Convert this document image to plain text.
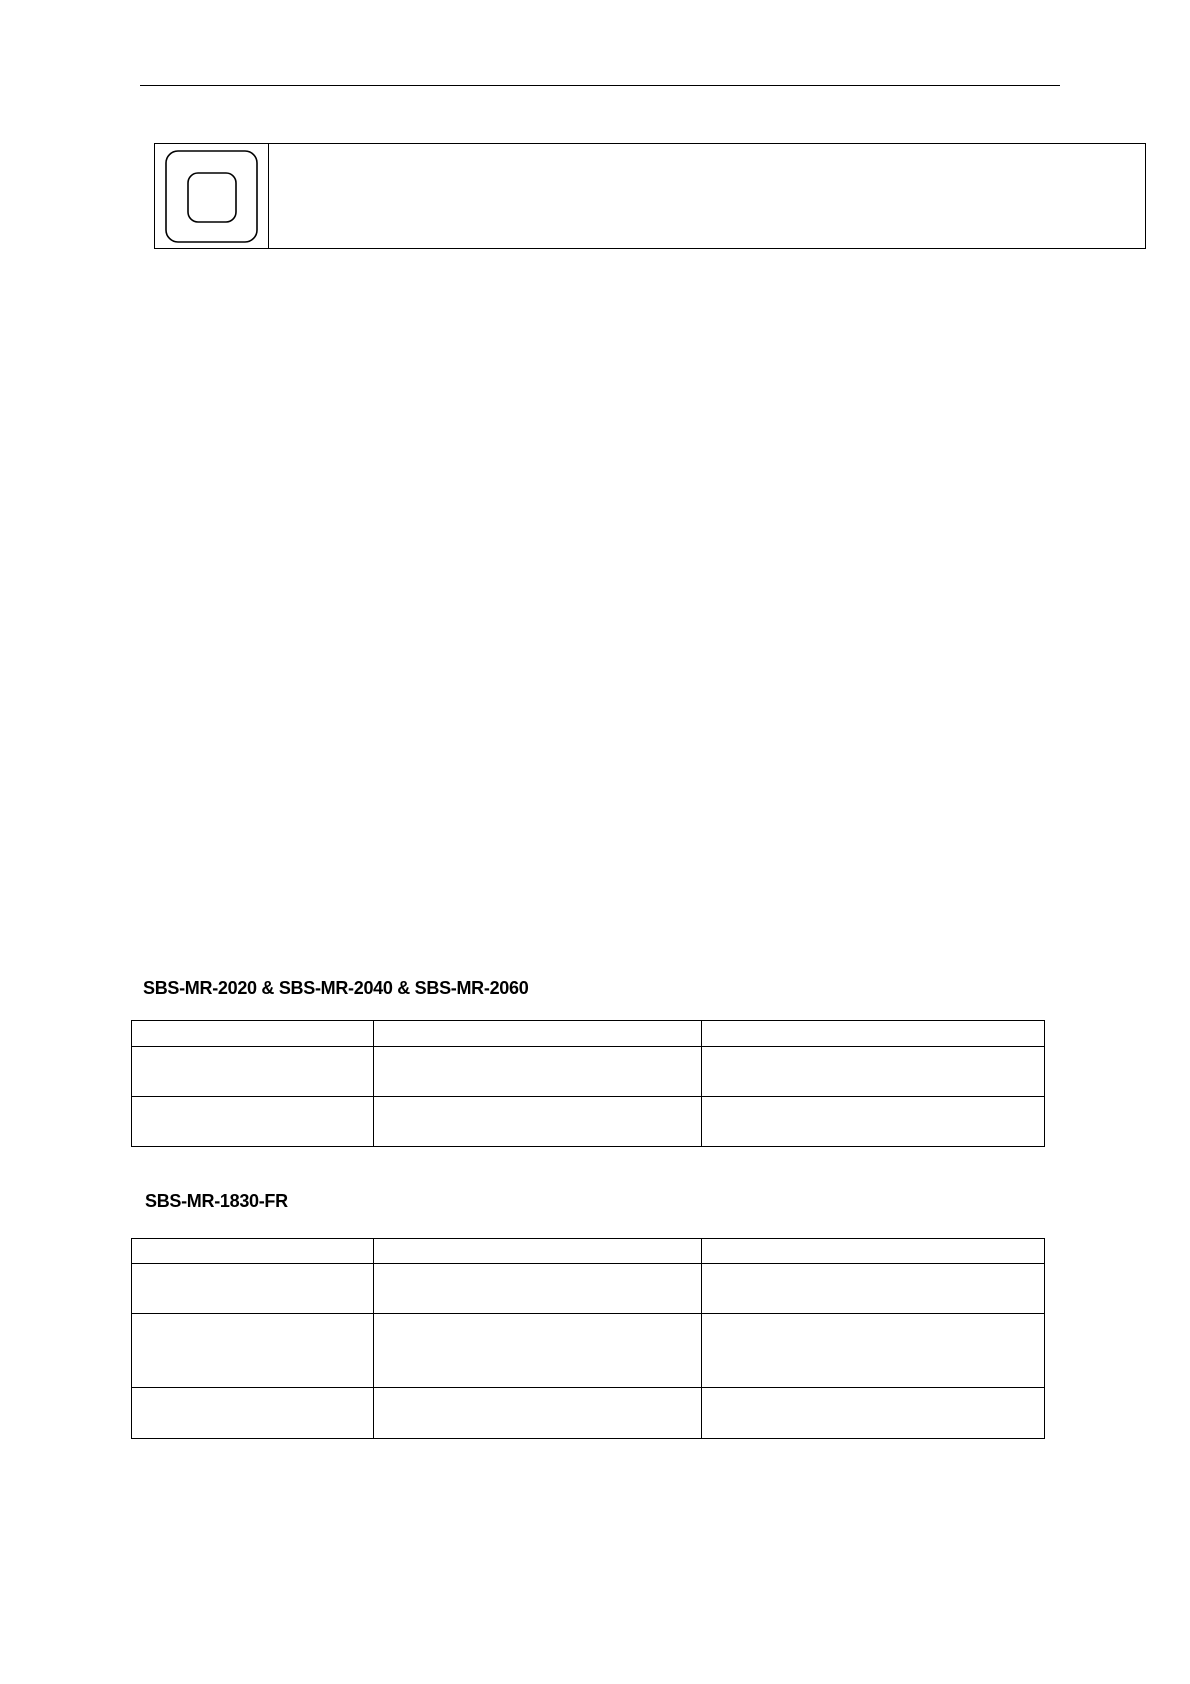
SBS-MR-2020 & SBS-MR-2040 & SBS-MR-2060

SBS-MR-1830-FR
